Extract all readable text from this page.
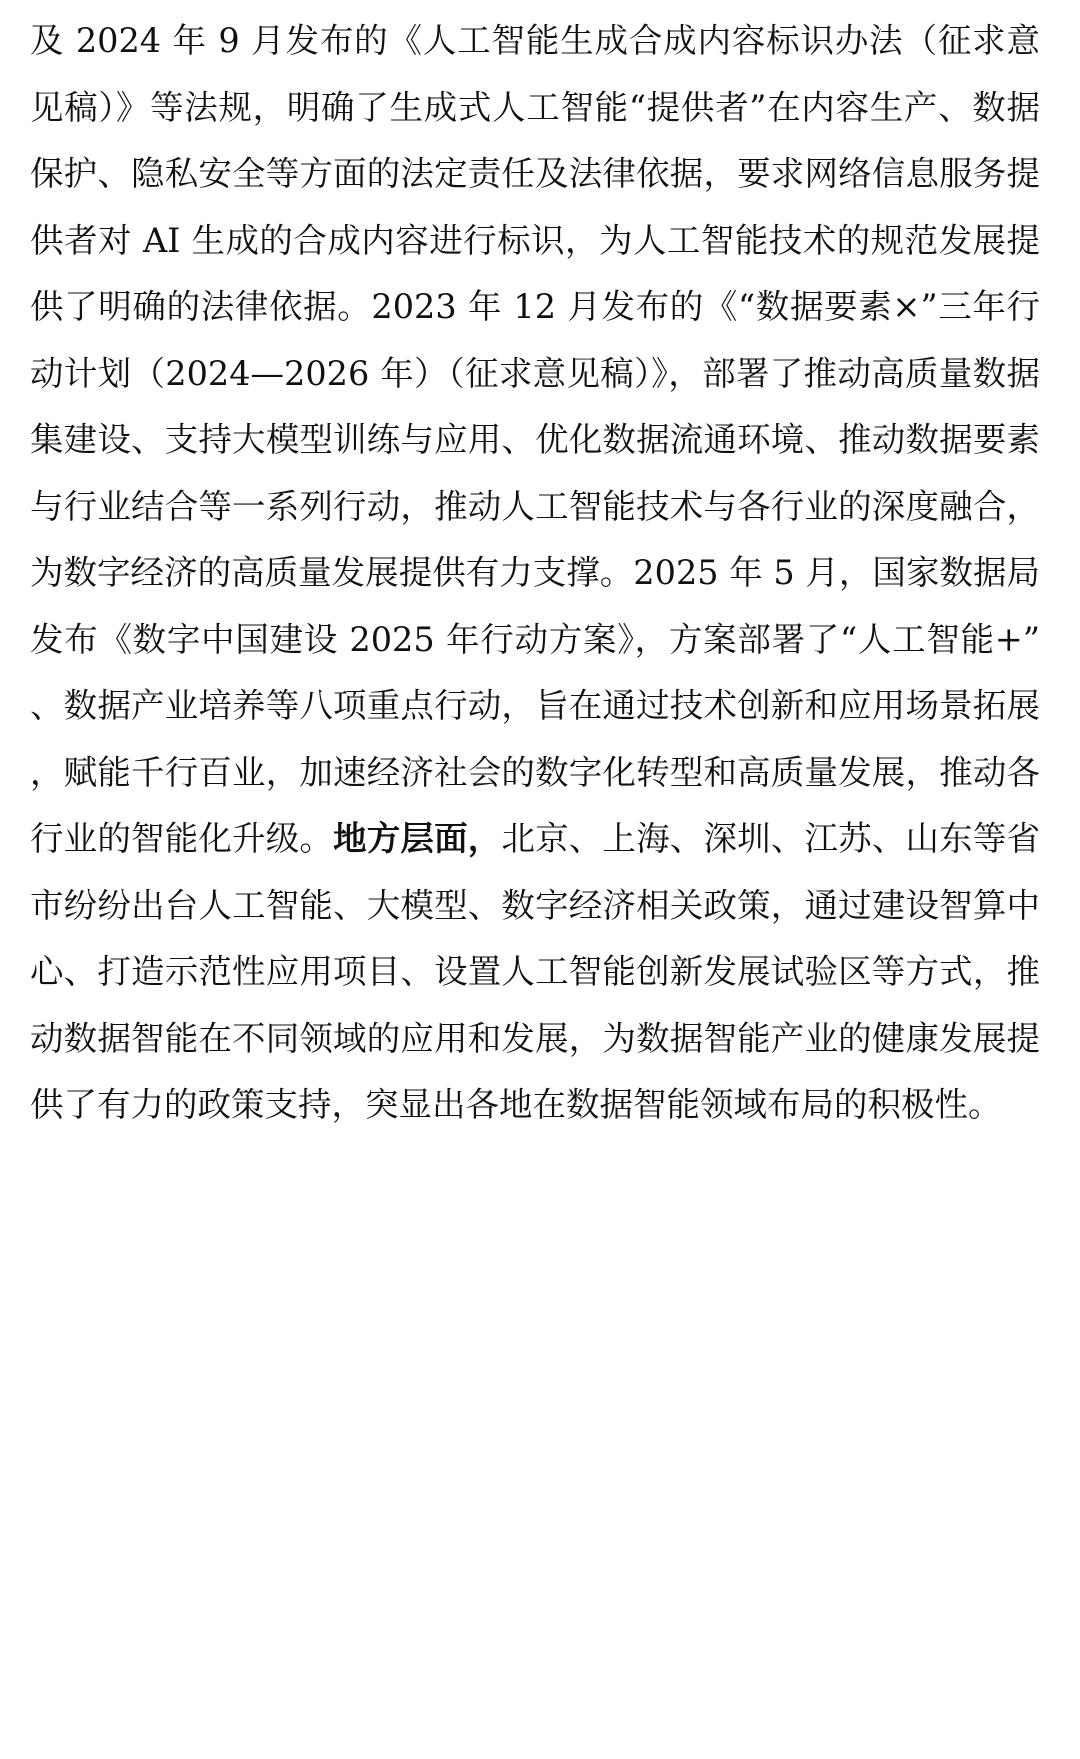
及 2024 年 9 月发布的《人工智能生成合成内容标识办法（征求意见稿）》等法规，明确了生成式人工智能“提供者”在内容生产、数据保护、隐私安全等方面的法定责任及法律依据，要求网络信息服务提供者对 AI 生成的合成内容进行标识，为人工智能技术的规范发展提供了明确的法律依据。2023 年 12 月发布的《“数据要素×”三年行动计划（2024—2026 年）（征求意见稿）》，部署了推动高质量数据集建设、支持大模型训练与应用、优化数据流通环境、推动数据要素与行业结合等一系列行动，推动人工智能技术与各行业的深度融合，为数字经济的高质量发展提供有力支撑。2025 年 5 月，国家数据局发布《数字中国建设 2025 年行动方案》，方案部署了“人工智能+”、数据产业培养等八项重点行动，旨在通过技术创新和应用场景拓展，赋能千行百业，加速经济社会的数字化转型和高质量发展，推动各行业的智能化升级。地方层面，北京、上海、深圳、江苏、山东等省市纷纷出台人工智能、大模型、数字经济相关政策，通过建设智算中心、打造示范性应用项目、设置人工智能创新发展试验区等方式，推动数据智能在不同领域的应用和发展，为数据智能产业的健康发展提供了有力的政策支持，突显出各地在数据智能领域布局的积极性。
